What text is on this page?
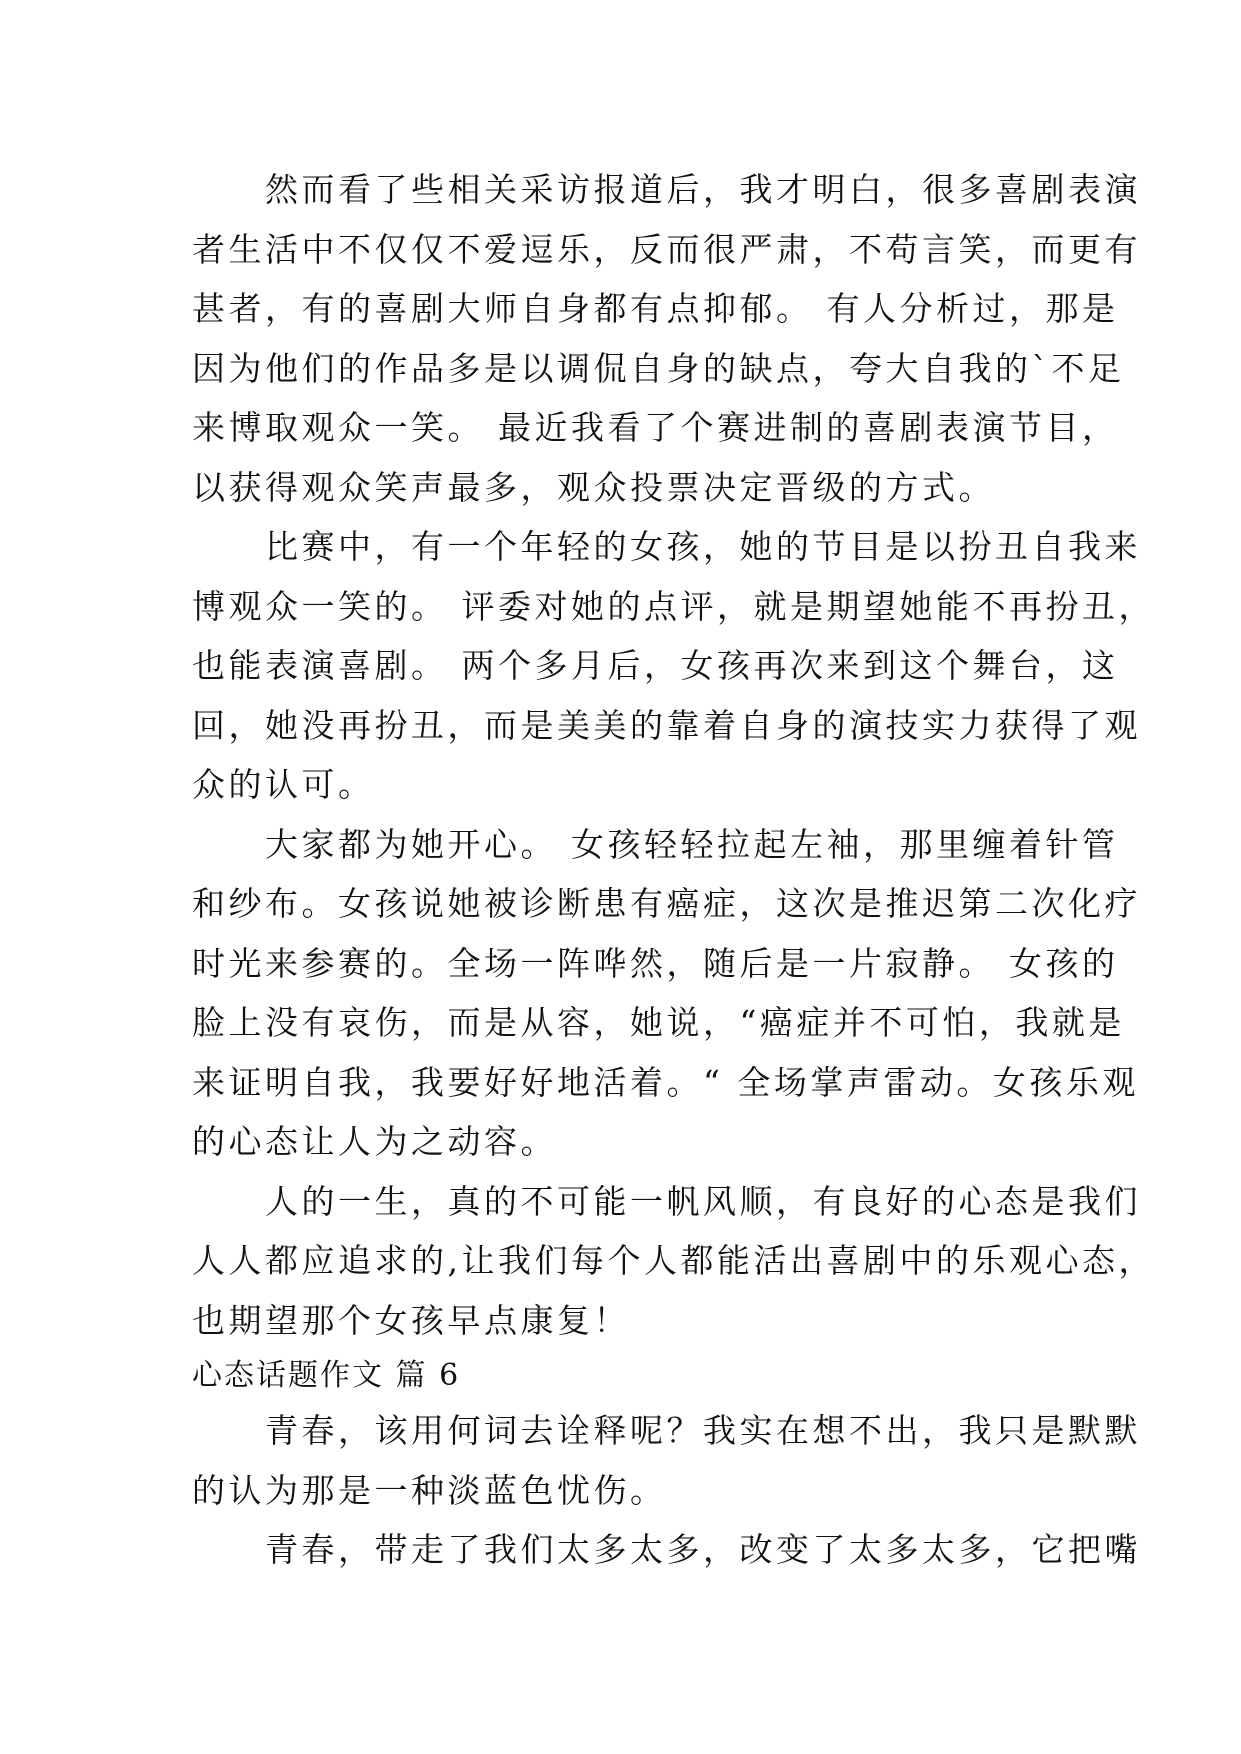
　　然而看了些相关采访报道后，我才明白，很多喜剧表演
者生活中不仅仅不爱逗乐，反而很严肃，不苟言笑，而更有
甚者，有的喜剧大师自身都有点抑郁。 有人分析过，那是
因为他们的作品多是以调侃自身的缺点，夸大自我的`不足
来博取观众一笑。 最近我看了个赛进制的喜剧表演节目，
以获得观众笑声最多，观众投票决定晋级的方式。
　　比赛中，有一个年轻的女孩，她的节目是以扮丑自我来
博观众一笑的。 评委对她的点评，就是期望她能不再扮丑，
也能表演喜剧。 两个多月后，女孩再次来到这个舞台，这
回，她没再扮丑，而是美美的靠着自身的演技实力获得了观
众的认可。
　　大家都为她开心。 女孩轻轻拉起左袖，那里缠着针管
和纱布。女孩说她被诊断患有癌症，这次是推迟第二次化疗
时光来参赛的。全场一阵哗然，随后是一片寂静。 女孩的
脸上没有哀伤，而是从容，她说，“癌症并不可怕，我就是
来证明自我，我要好好地活着。“ 全场掌声雷动。女孩乐观
的心态让人为之动容。
　　人的一生，真的不可能一帆风顺，有良好的心态是我们
人人都应追求的,让我们每个人都能活出喜剧中的乐观心态，
也期望那个女孩早点康复！
心态话题作文 篇 6
　　青春，该用何词去诠释呢？我实在想不出，我只是默默
的认为那是一种淡蓝色忧伤。
　　青春，带走了我们太多太多，改变了太多太多，它把嘴
